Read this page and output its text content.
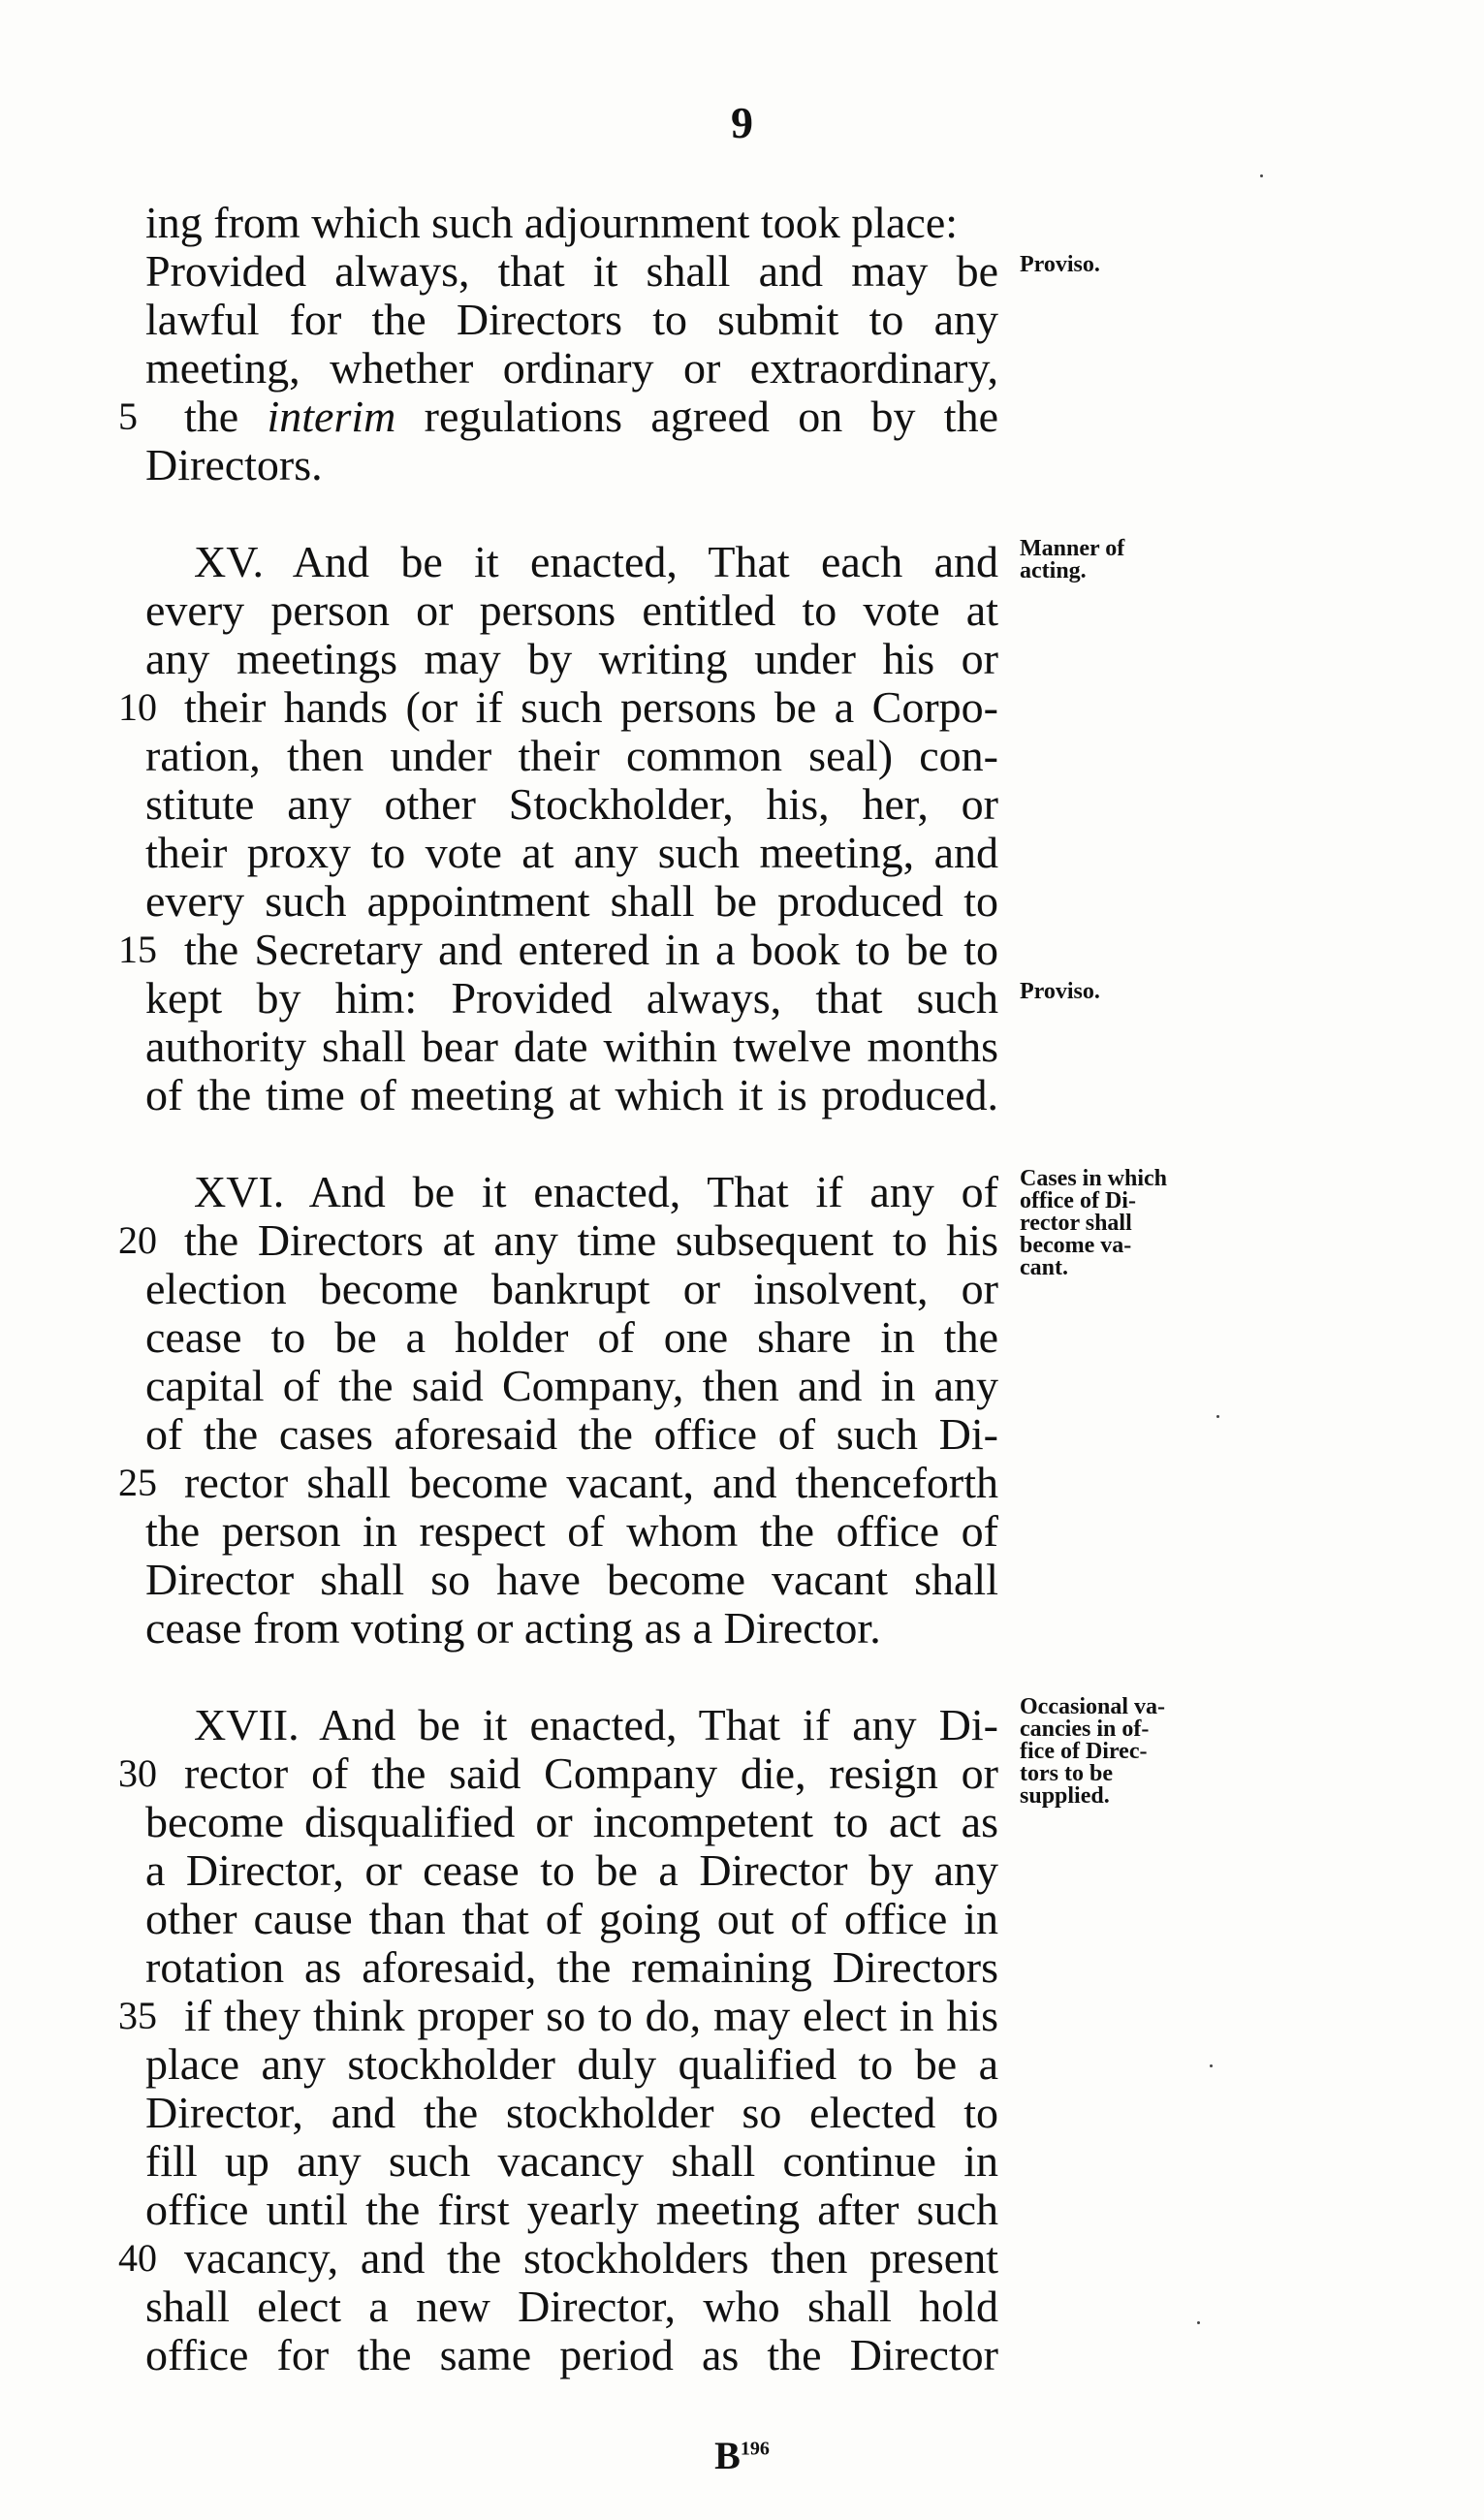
9
ing from which such adjournment took place:
Provided always, that it shall and may be
lawful for the Directors to submit to any
meeting, whether ordinary or extraordinary,
the interim regulations agreed on by the
5
Directors.
XV. And be it enacted, That each and
every person or persons entitled to vote at
any meetings may by writing under his or
their hands (or if such persons be a Corpo-
10
ration, then under their common seal) con-
stitute any other Stockholder, his, her, or
their proxy to vote at any such meeting, and
every such appointment shall be produced to
the Secretary and entered in a book to be to
15
kept by him: Provided always, that such
authority shall bear date within twelve months
of the time of meeting at which it is produced.
XVI. And be it enacted, That if any of
the Directors at any time subsequent to his
20
election become bankrupt or insolvent, or
cease to be a holder of one share in the
capital of the said Company, then and in any
of the cases aforesaid the office of such Di-
rector shall become vacant, and thenceforth
25
the person in respect of whom the office of
Director shall so have become vacant shall
cease from voting or acting as a Director.
XVII. And be it enacted, That if any Di-
rector of the said Company die, resign or
30
become disqualified or incompetent to act as
a Director, or cease to be a Director by any
other cause than that of going out of office in
rotation as aforesaid, the remaining Directors
if they think proper so to do, may elect in his
35
place any stockholder duly qualified to be a
Director, and the stockholder so elected to
fill up any such vacancy shall continue in
office until the first yearly meeting after such
vacancy, and the stockholders then present
40
shall elect a new Director, who shall hold
office for the same period as the Director
Proviso.
Manner of
acting.
Proviso.
Cases in which
office of Di-
rector shall
become va-
cant.
Occasional va-
cancies in of-
fice of Direc-
tors to be
supplied.
$B^{196}$
